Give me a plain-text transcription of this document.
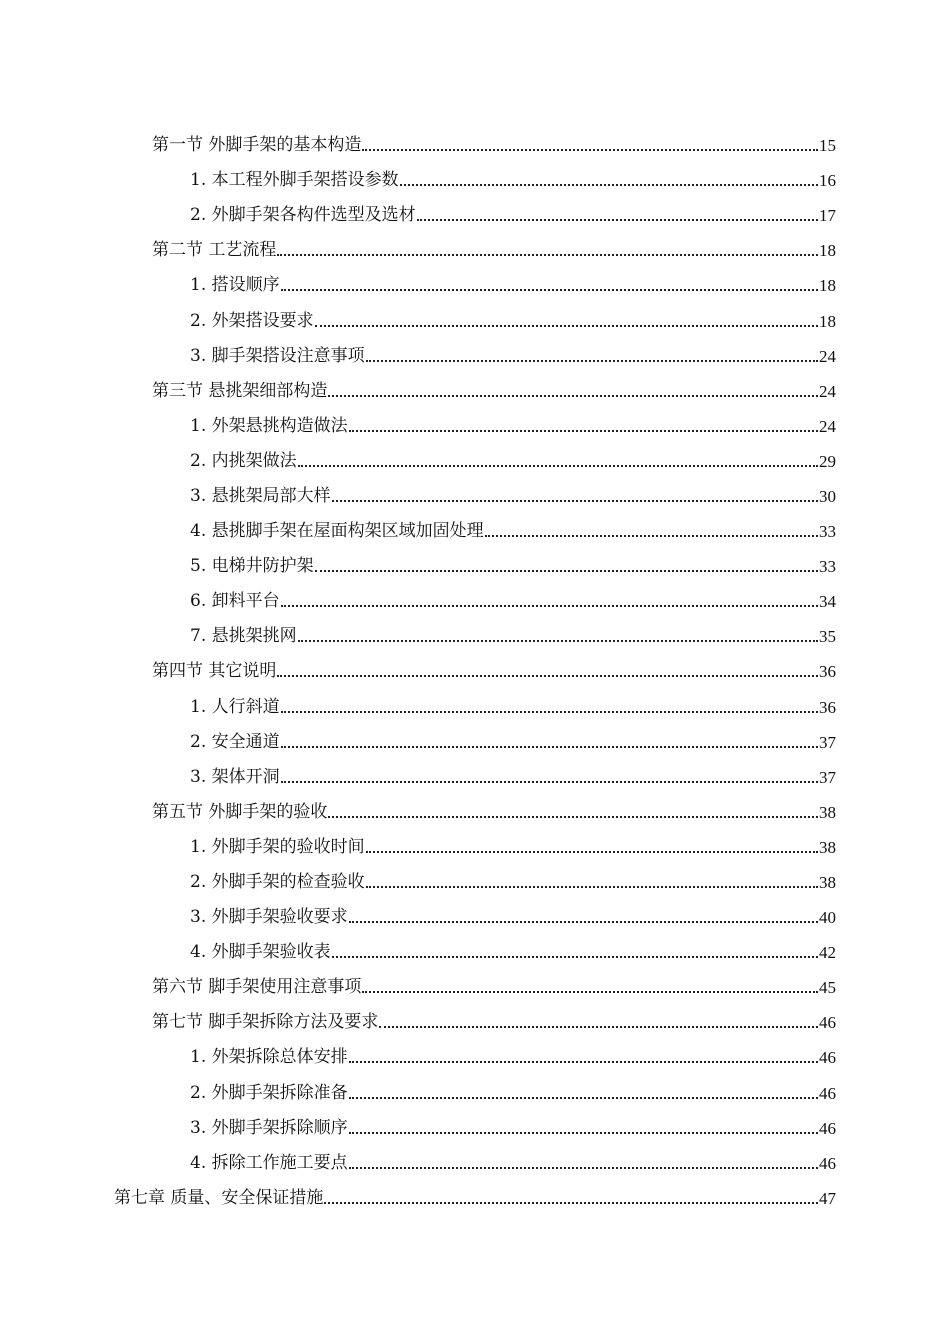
第一节 外脚手架的基本构造	15
1. 本工程外脚手架搭设参数	16
2. 外脚手架各构件选型及选材	17
第二节 工艺流程	18
1. 搭设顺序	18
2. 外架搭设要求	18
3. 脚手架搭设注意事项	24
第三节 悬挑架细部构造	24
1. 外架悬挑构造做法	24
2. 内挑架做法	29
3. 悬挑架局部大样	30
4. 悬挑脚手架在屋面构架区域加固处理	33
5. 电梯井防护架	33
6. 卸料平台	34
7. 悬挑架挑网	35
第四节 其它说明	36
1. 人行斜道	36
2. 安全通道	37
3. 架体开洞	37
第五节 外脚手架的验收	38
1. 外脚手架的验收时间	38
2. 外脚手架的检查验收	38
3. 外脚手架验收要求	40
4. 外脚手架验收表	42
第六节 脚手架使用注意事项	45
第七节 脚手架拆除方法及要求	46
1. 外架拆除总体安排	46
2. 外脚手架拆除准备	46
3. 外脚手架拆除顺序	46
4. 拆除工作施工要点	46
第七章 质量、安全保证措施	47
